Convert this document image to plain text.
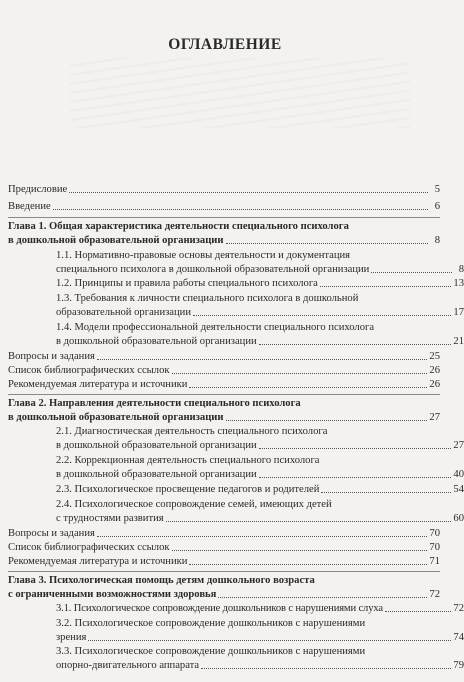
ОГЛАВЛЕНИЕ
Предисловие	5
Введение	6
Глава 1. Общая характеристика деятельности специального психолога
в дошкольной образовательной организации	8
1.1. Нормативно-правовые основы деятельности и документация
специального психолога в дошкольной образовательной организации	8
1.2. Принципы и правила работы специального психолога	13
1.3. Требования к личности специального психолога в дошкольной
образовательной организации	17
1.4. Модели профессиональной деятельности специального психолога
в дошкольной образовательной организации	21
Вопросы и задания	25
Список библиографических ссылок	26
Рекомендуемая литература и источники	26
Глава 2. Направления деятельности специального психолога
в дошкольной образовательной организации	27
2.1. Диагностическая деятельность специального психолога
в дошкольной образовательной организации	27
2.2. Коррекционная деятельность специального психолога
в дошкольной образовательной организации	40
2.3. Психологическое просвещение педагогов и родителей	54
2.4. Психологическое сопровождение семей, имеющих детей
с трудностями развития	60
Вопросы и задания	70
Список библиографических ссылок	70
Рекомендуемая литература и источники	71
Глава 3. Психологическая помощь детям дошкольного возраста
с ограниченными возможностями здоровья	72
3.1. Психологическое сопровождение дошкольников с нарушениями слуха	72
3.2. Психологическое сопровождение дошкольников с нарушениями
зрения	74
3.3. Психологическое сопровождение дошкольников с нарушениями
опорно-двигательного аппарата	79
